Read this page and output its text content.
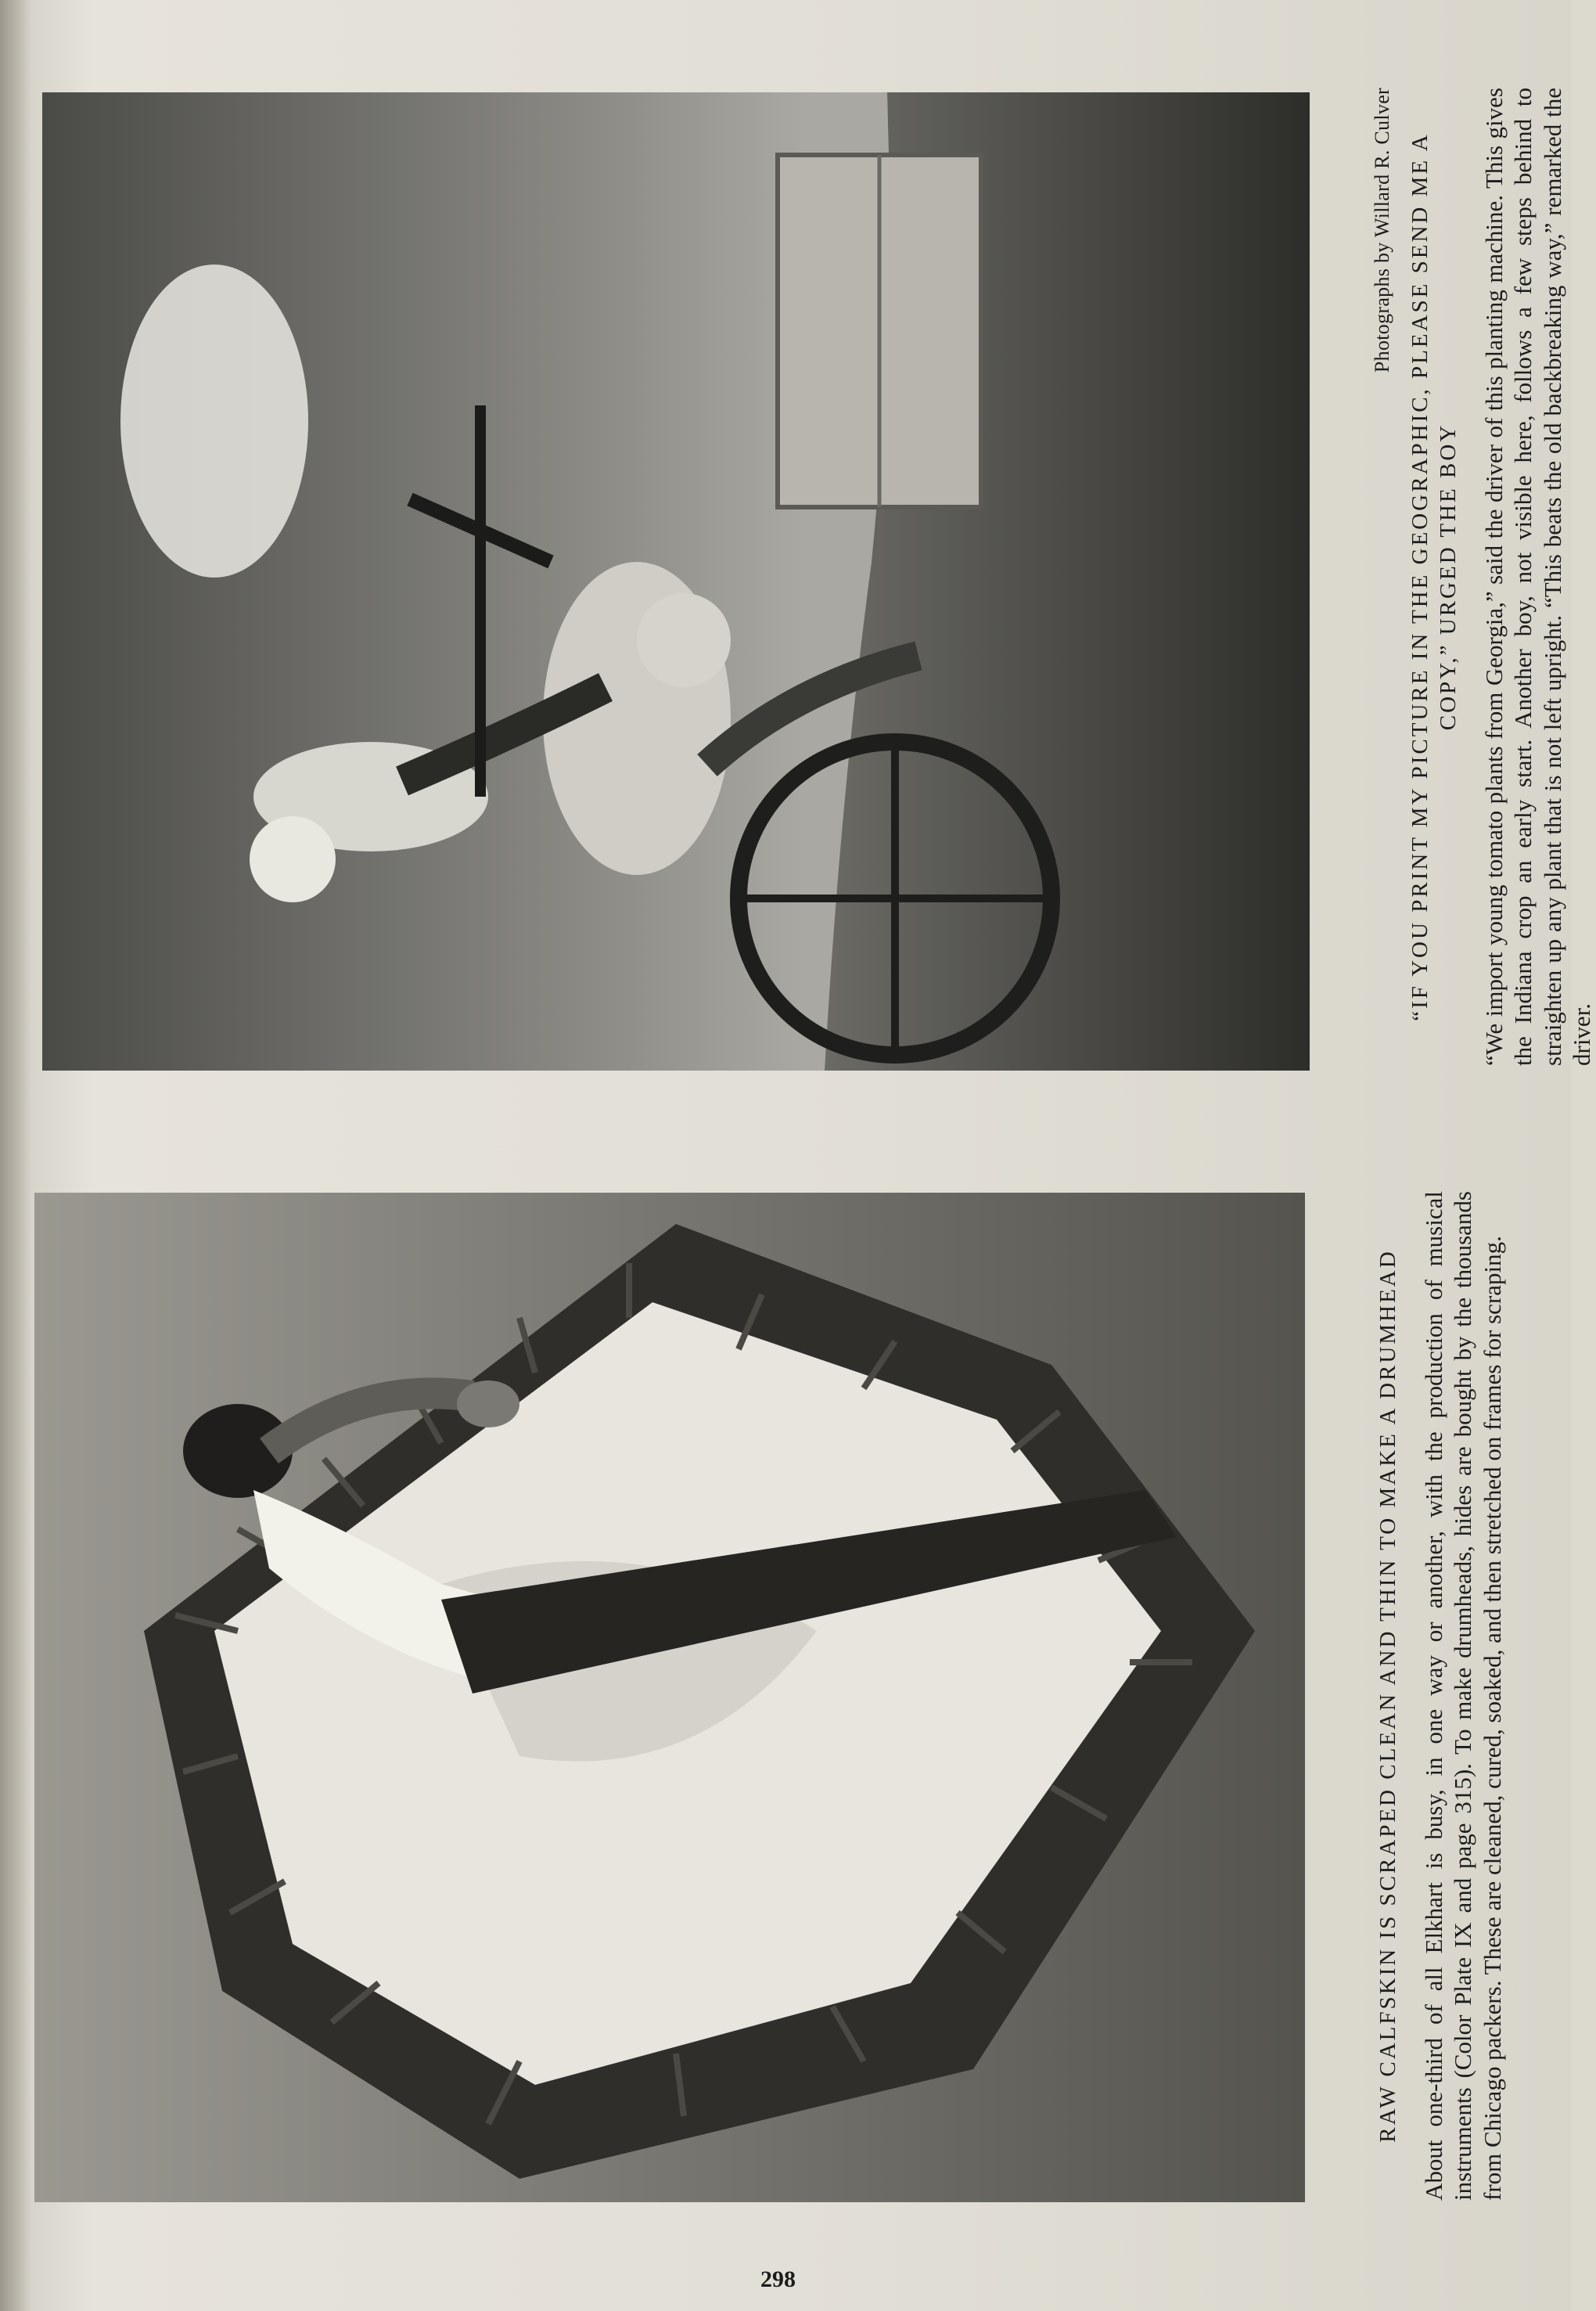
Photographs by Willard R. Culver “IF YOU PRINT MY PICTURE IN THE GEOGRAPHIC, PLEASE SEND ME A COPY,” URGED THE BOY “We import young tomato plants from Georgia,” said the driver of this planting machine. This gives the Indiana crop an early start. Another boy, not visible here, follows a few steps behind to straighten up any plant that is not left upright. “This beats the old backbreaking way,” remarked the driver.

RAW CALFSKIN IS SCRAPED CLEAN AND THIN TO MAKE A DRUMHEAD About one-third of all Elkhart is busy, in one way or another, with the production of musical instruments (Color Plate IX and page 315). To make drumheads, hides are bought by the thousands from Chicago packers. These are cleaned, cured, soaked, and then stretched on frames for scraping.

298
